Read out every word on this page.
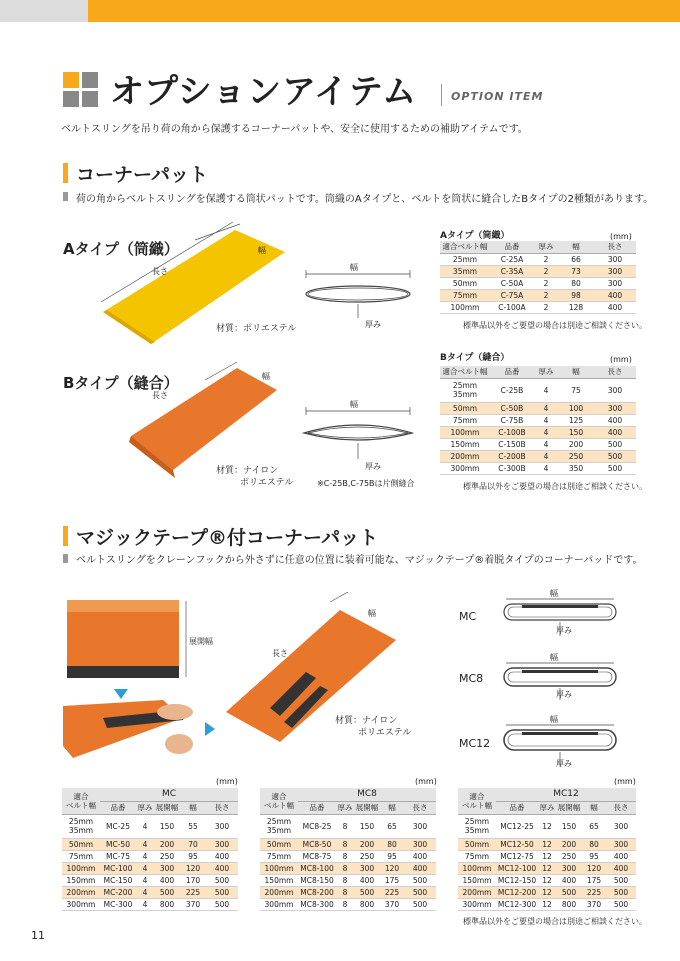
オプションアイテム	OPTION ITEM
ベルトスリングを吊り荷の角から保護するコーナーパットや、安全に使用するための補助アイテムです。
コーナーパット
荷の角からベルトスリングを保護する筒状パットです。筒織のAタイプと、ベルトを筒状に縫合したBタイプの2種類があります。
Aタイプ（筒織）	幅
長さ
材質：ポリエステル
幅
厚み
Aタイプ（筒織）	(mm)
適合ベルト幅	品番	厚み	幅	長さ
25mm	C-25A	2	66	300
35mm	C-35A	2	73	300
50mm	C-50A	2	80	300
75mm	C-75A	2	98	400
100mm	C-100A	2	128	400
標準品以外をご要望の場合は別途ご相談ください。
Bタイプ（縫合）	幅
長さ
材質：ナイロン
ポリエステル
幅
厚み
※C-25B,C-75Bは片側縫合
Bタイプ（縫合）	(mm)
適合ベルト幅	品番	厚み	幅	長さ
25mm
35mm	C-25B	4	75	300
50mm	C-50B	4	100	300
75mm	C-75B	4	125	400
100mm	C-100B	4	150	400
150mm	C-150B	4	200	500
200mm	C-200B	4	250	500
300mm	C-300B	4	350	500
標準品以外をご要望の場合は別途ご相談ください。
マジックテープ®付コーナーパット
ベルトスリングをクレーンフックから外さずに任意の位置に装着可能な、マジックテープ®着脱タイプのコーナーパッドです。
展開幅
幅
長さ
材質：ナイロン
ポリエステル
MC
幅
厚み
MC8
幅
厚み
MC12
幅
厚み
(mm)
適合
ベルト幅	MC				
	品番	厚み	展開幅	幅	長さ
25mm
35mm	MC-25	4	150	55	300
50mm	MC-50	4	200	70	300
75mm	MC-75	4	250	95	400
100mm	MC-100	4	300	120	400
150mm	MC-150	4	400	170	500
200mm	MC-200	4	500	225	500
300mm	MC-300	4	800	370	500
(mm)
適合
ベルト幅	MC8				
	品番	厚み	展開幅	幅	長さ
25mm
35mm	MC8-25	8	150	65	300
50mm	MC8-50	8	200	80	300
75mm	MC8-75	8	250	95	400
100mm	MC8-100	8	300	120	400
150mm	MC8-150	8	400	175	500
200mm	MC8-200	8	500	225	500
300mm	MC8-300	8	800	370	500
(mm)
適合
ベルト幅	MC12				
	品番	厚み	展開幅	幅	長さ
25mm
35mm	MC12-25	12	150	65	300
50mm	MC12-50	12	200	80	300
75mm	MC12-75	12	250	95	400
100mm	MC12-100	12	300	120	400
150mm	MC12-150	12	400	175	500
200mm	MC12-200	12	500	225	500
300mm	MC12-300	12	800	370	500
標準品以外をご要望の場合は別途ご相談ください。
11
